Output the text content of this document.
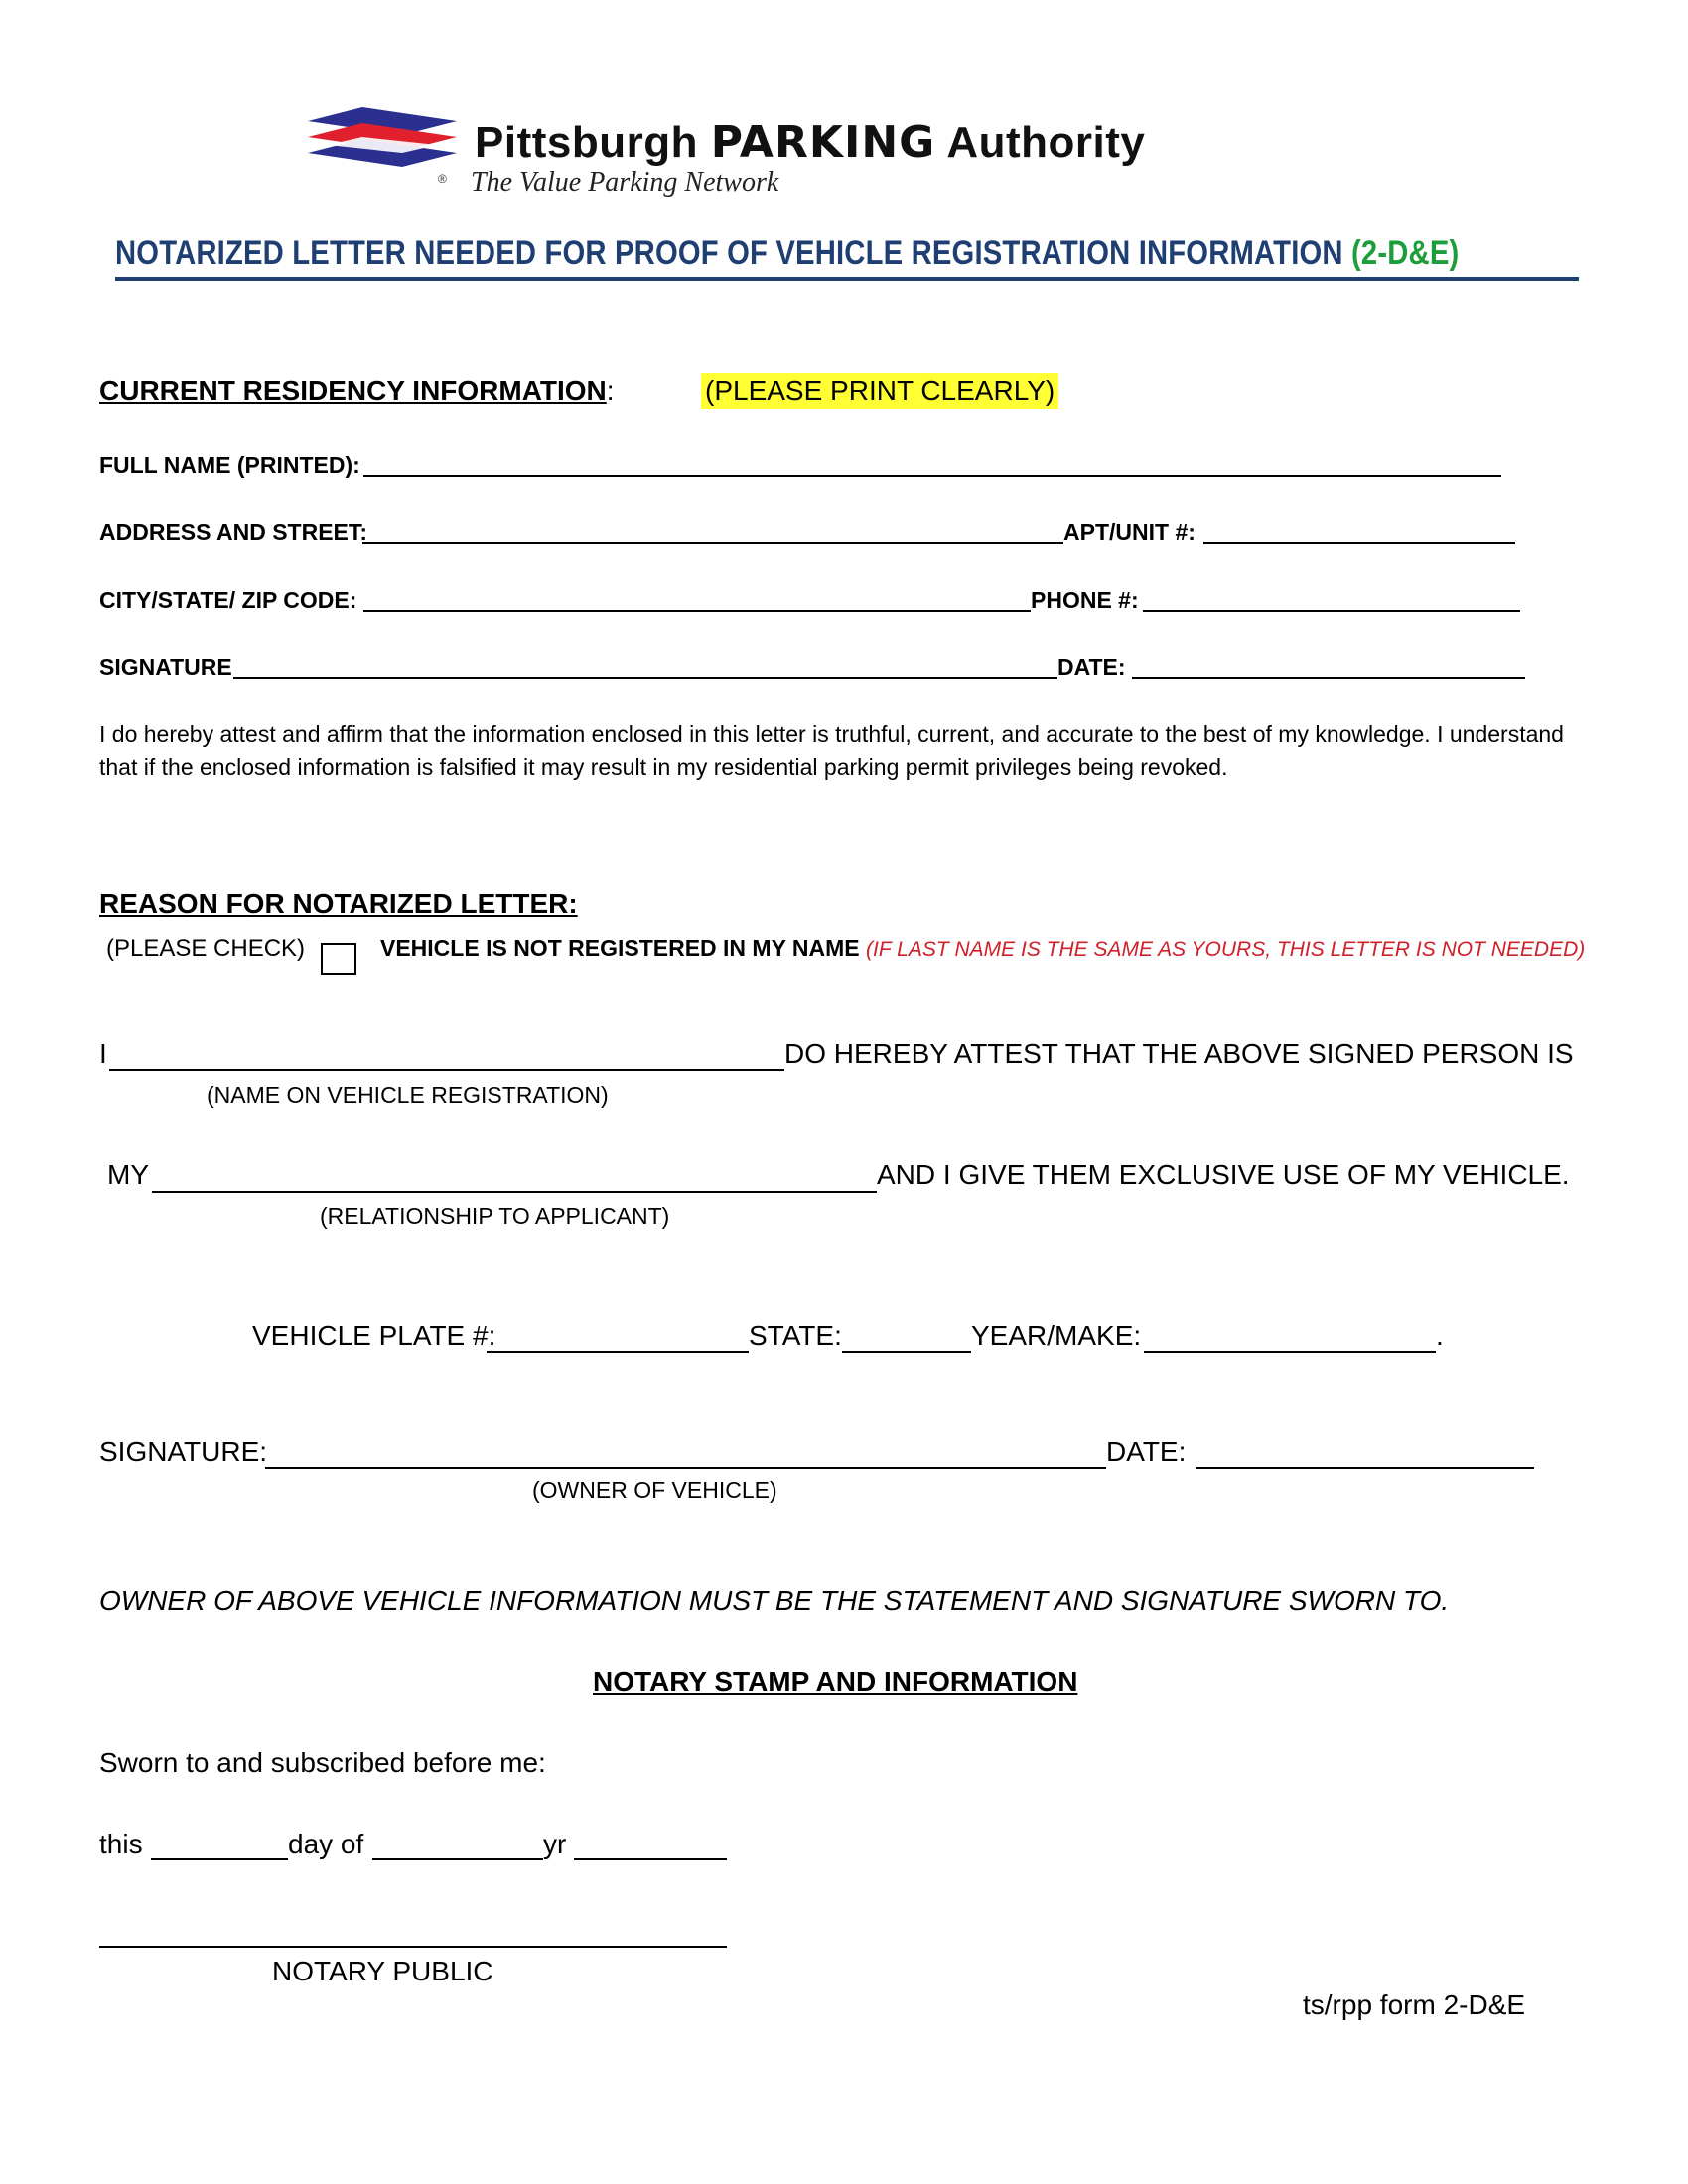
Pittsburgh PARKING Authority
® The Value Parking Network
NOTARIZED LETTER NEEDED FOR PROOF OF VEHICLE REGISTRATION INFORMATION (2-D&E)
CURRENT RESIDENCY INFORMATION:	(PLEASE PRINT CLEARLY)
FULL NAME (PRINTED):
ADDRESS AND STREET:	APT/UNIT #:
CITY/STATE/ ZIP CODE:	PHONE #:
SIGNATURE	DATE:
I do hereby attest and affirm that the information enclosed in this letter is truthful, current, and accurate to the best of my knowledge. I understand that if the enclosed information is falsified it may result in my residential parking permit privileges being revoked.
REASON FOR NOTARIZED LETTER:
(PLEASE CHECK)	VEHICLE IS NOT REGISTERED IN MY NAME (IF LAST NAME IS THE SAME AS YOURS, THIS LETTER IS NOT NEEDED)
I	DO HEREBY ATTEST THAT THE ABOVE SIGNED PERSON IS
(NAME ON VEHICLE REGISTRATION)
MY	AND I GIVE THEM EXCLUSIVE USE OF MY VEHICLE.
(RELATIONSHIP TO APPLICANT)
VEHICLE PLATE #:	STATE:	YEAR/MAKE:	.
SIGNATURE:	DATE:
(OWNER OF VEHICLE)
OWNER OF ABOVE VEHICLE INFORMATION MUST BE THE STATEMENT AND SIGNATURE SWORN TO.
NOTARY STAMP AND INFORMATION
Sworn to and subscribed before me:
this	day of	yr
NOTARY PUBLIC
ts/rpp form 2-D&E
